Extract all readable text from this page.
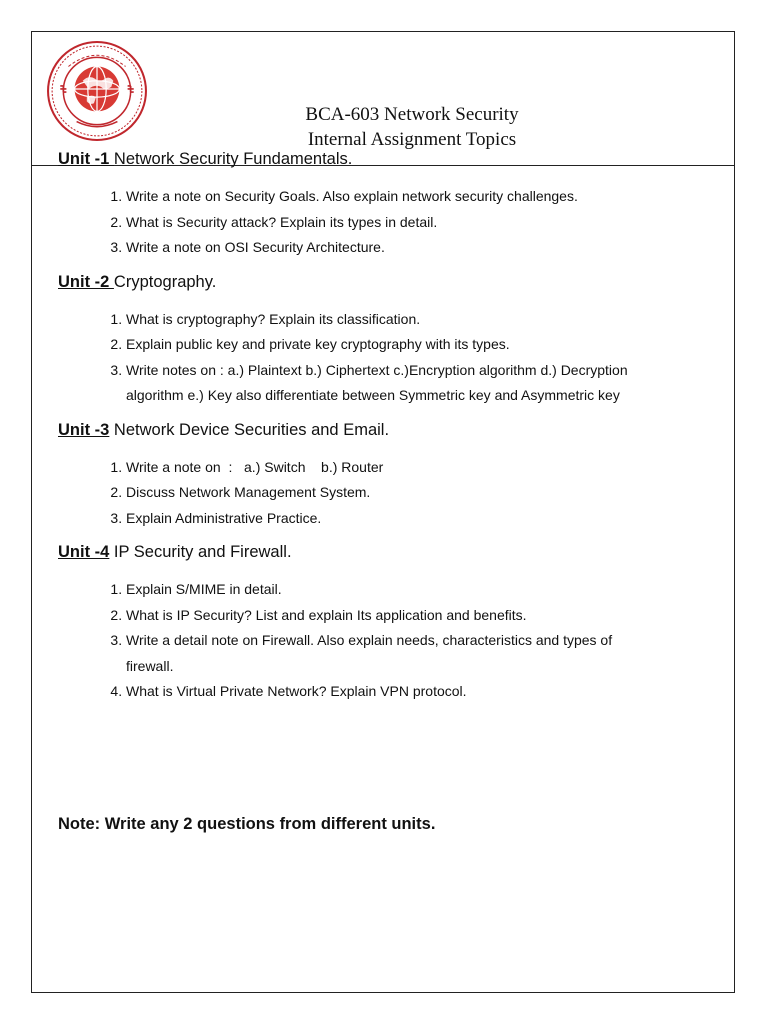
BCA-603 Network Security
Internal Assignment Topics
Unit -1 Network Security Fundamentals.
1. Write a note on Security Goals. Also explain network security challenges.
2. What is Security attack? Explain its types in detail.
3. Write a note on OSI Security Architecture.
Unit -2 Cryptography.
1. What is cryptography? Explain its classification.
2. Explain public key and private key cryptography with its types.
3. Write notes on : a.) Plaintext b.) Ciphertext c.)Encryption algorithm d.) Decryption algorithm e.) Key also differentiate between Symmetric key and Asymmetric key
Unit -3 Network Device Securities and Email.
1. Write a note on  :   a.) Switch    b.) Router
2. Discuss Network Management System.
3. Explain Administrative Practice.
Unit -4 IP Security and Firewall.
1. Explain S/MIME in detail.
2. What is IP Security? List and explain Its application and benefits.
3. Write a detail note on Firewall. Also explain needs, characteristics and types of firewall.
4. What is Virtual Private Network? Explain VPN protocol.
Note: Write any 2 questions from different units.
